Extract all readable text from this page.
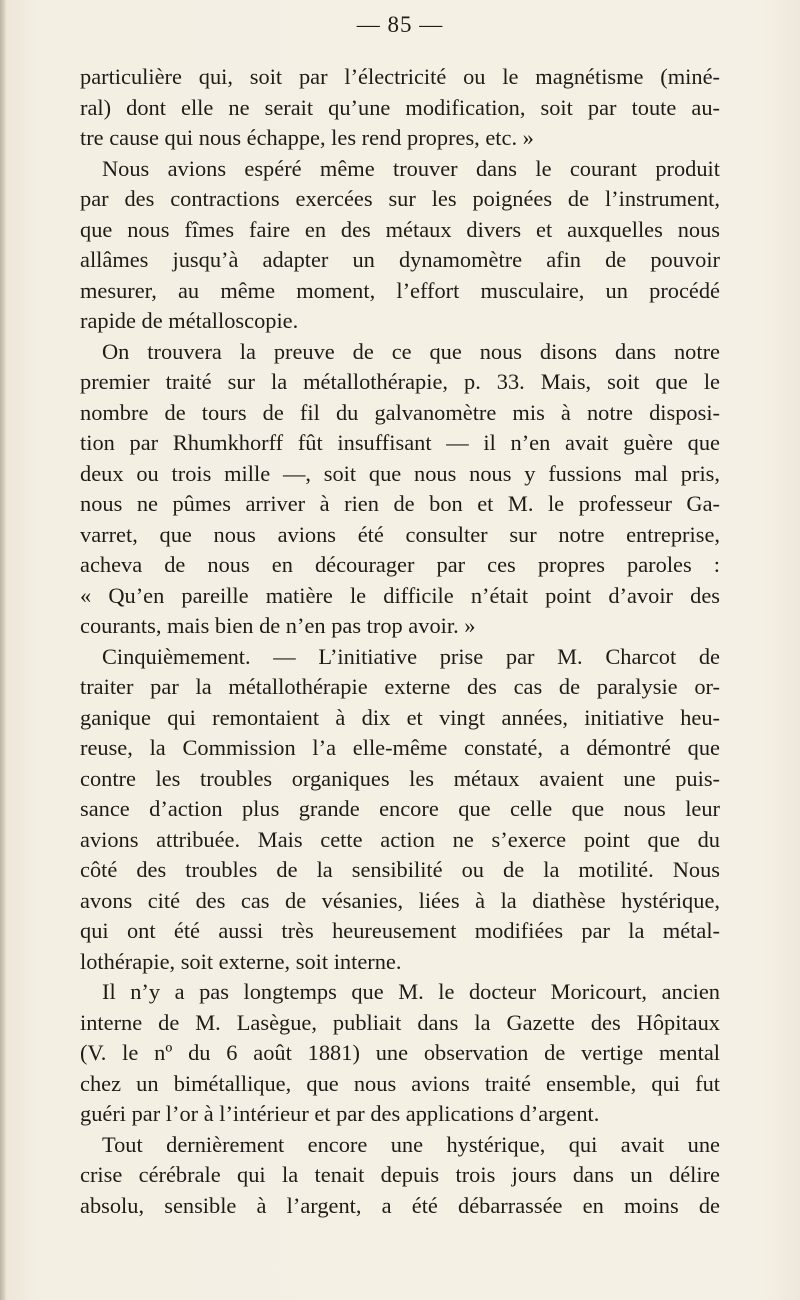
— 85 —

particulière qui, soit par l’électricité ou le magnétisme (miné-

ral) dont elle ne serait qu’une modification, soit par toute au-

tre cause qui nous échappe, les rend propres, etc. »

Nous avions espéré même trouver dans le courant produit

par des contractions exercées sur les poignées de l’instrument,

que nous fîmes faire en des métaux divers et auxquelles nous

allâmes jusqu’à adapter un dynamomètre afin de pouvoir

mesurer, au même moment, l’effort musculaire, un procédé

rapide de métalloscopie.

On trouvera la preuve de ce que nous disons dans notre

premier traité sur la métallothérapie, p. 33. Mais, soit que le

nombre de tours de fil du galvanomètre mis à notre disposi-

tion par Rhumkhorff fût insuffisant — il n’en avait guère que

deux ou trois mille —, soit que nous nous y fussions mal pris,

nous ne pûmes arriver à rien de bon et M. le professeur Ga-

varret, que nous avions été consulter sur notre entreprise,

acheva de nous en décourager par ces propres paroles :

« Qu’en pareille matière le difficile n’était point d’avoir des

courants, mais bien de n’en pas trop avoir. »

Cinquièmement. — L’initiative prise par M. Charcot de

traiter par la métallothérapie externe des cas de paralysie or-

ganique qui remontaient à dix et vingt années, initiative heu-

reuse, la Commission l’a elle-même constaté, a démontré que

contre les troubles organiques les métaux avaient une puis-

sance d’action plus grande encore que celle que nous leur

avions attribuée. Mais cette action ne s’exerce point que du

côté des troubles de la sensibilité ou de la motilité. Nous

avons cité des cas de vésanies, liées à la diathèse hystérique,

qui ont été aussi très heureusement modifiées par la métal-

lothérapie, soit externe, soit interne.

Il n’y a pas longtemps que M. le docteur Moricourt, ancien

interne de M. Lasègue, publiait dans la Gazette des Hôpitaux

(V. le nº du 6 août 1881) une observation de vertige mental

chez un bimétallique, que nous avions traité ensemble, qui fut

guéri par l’or à l’intérieur et par des applications d’argent.

Tout dernièrement encore une hystérique, qui avait une

crise cérébrale qui la tenait depuis trois jours dans un délire

absolu, sensible à l’argent, a été débarrassée en moins de
